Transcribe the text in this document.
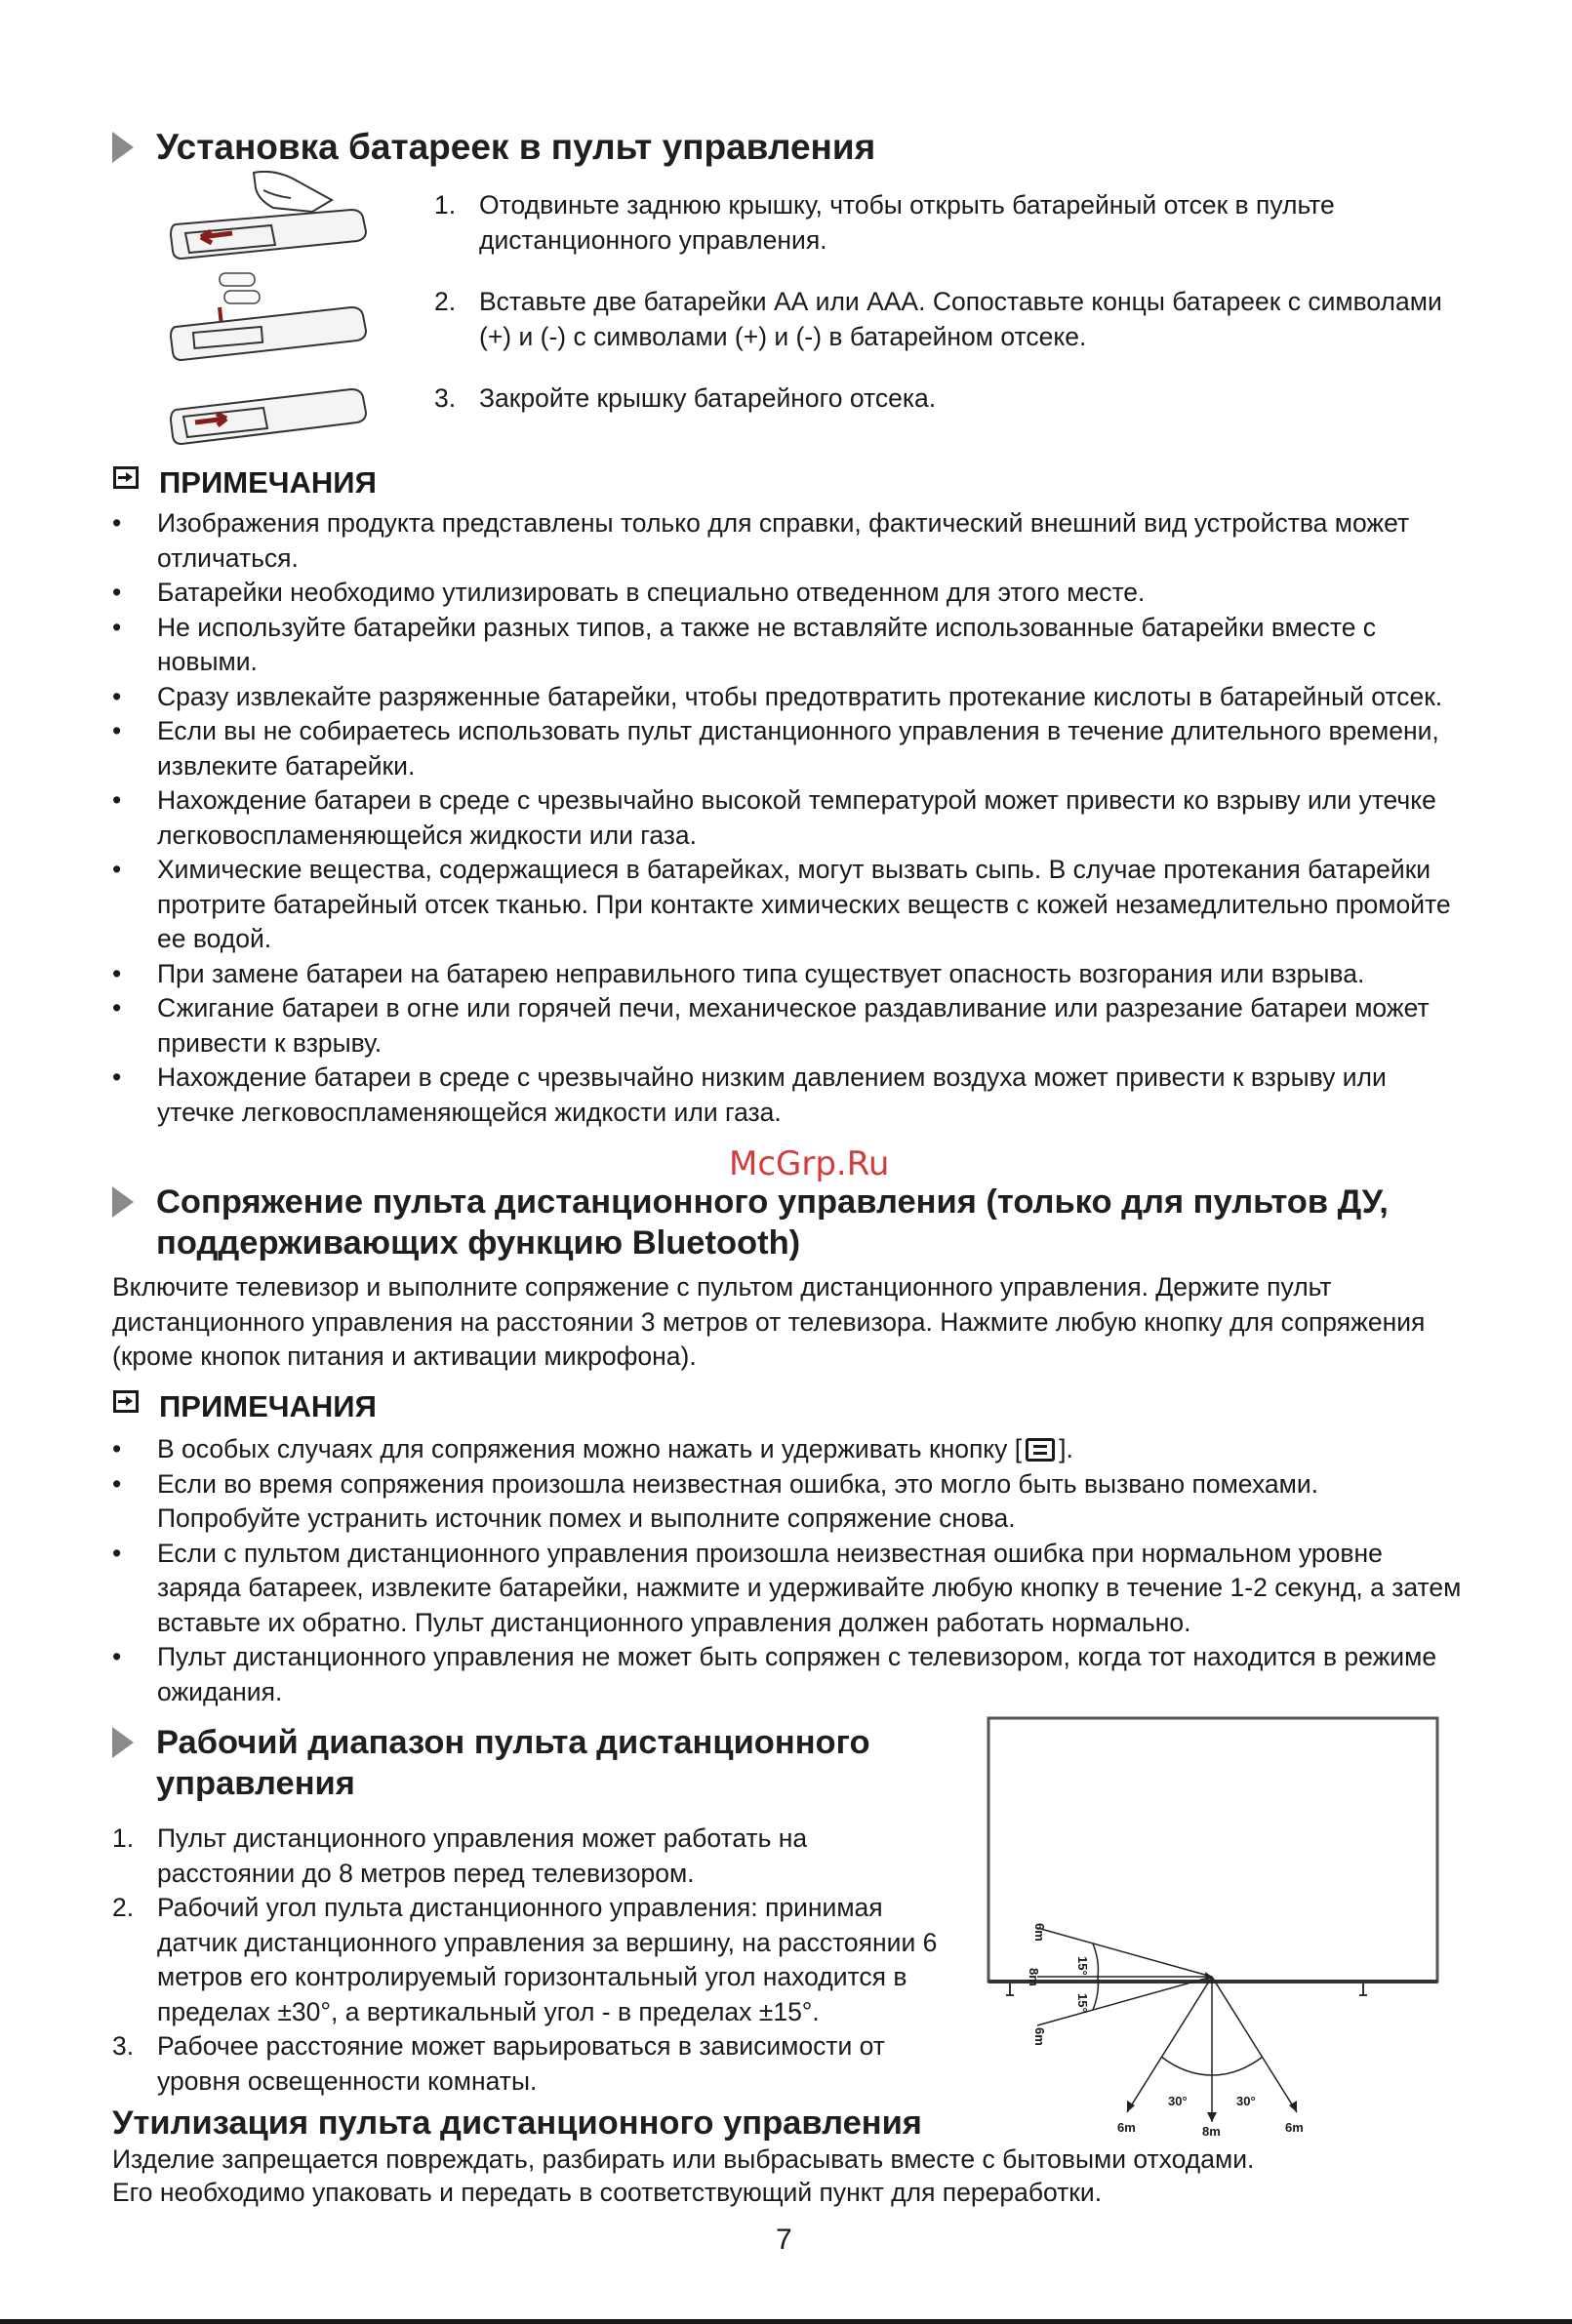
Установка батареек в пульт управления
1. Отодвиньте заднюю крышку, чтобы открыть батарейный отсек в пульте дистанционного управления.
2. Вставьте две батарейки АА или ААА. Сопоставьте концы батареек с символами (+) и (-) с символами (+) и (-) в батарейном отсеке.
3. Закройте крышку батарейного отсека.
ПРИМЕЧАНИЯ
• Изображения продукта представлены только для справки, фактический внешний вид устройства может отличаться.
• Батарейки необходимо утилизировать в специально отведенном для этого месте.
• Не используйте батарейки разных типов, а также не вставляйте использованные батарейки вместе с новыми.
• Сразу извлекайте разряженные батарейки, чтобы предотвратить протекание кислоты в батарейный отсек.
• Если вы не собираетесь использовать пульт дистанционного управления в течение длительного времени, извлеките батарейки.
• Нахождение батареи в среде с чрезвычайно высокой температурой может привести ко взрыву или утечке легковоспламеняющейся жидкости или газа.
• Химические вещества, содержащиеся в батарейках, могут вызвать сыпь. В случае протекания батарейки протрите батарейный отсек тканью. При контакте химических веществ с кожей незамедлительно промойте ее водой.
• При замене батареи на батарею неправильного типа существует опасность возгорания или взрыва.
• Сжигание батареи в огне или горячей печи, механическое раздавливание или разрезание батареи может привести к взрыву.
• Нахождение батареи в среде с чрезвычайно низким давлением воздуха может привести к взрыву или утечке легковоспламеняющейся жидкости или газа.
McGrp.Ru
Сопряжение пульта дистанционного управления (только для пультов ДУ,
поддерживающих функцию Bluetooth)
Включите телевизор и выполните сопряжение с пультом дистанционного управления. Держите пульт дистанционного управления на расстоянии 3 метров от телевизора. Нажмите любую кнопку для сопряжения (кроме кнопок питания и активации микрофона).
ПРИМЕЧАНИЯ
• В особых случаях для сопряжения можно нажать и удерживать кнопку [ ].
• Если во время сопряжения произошла неизвестная ошибка, это могло быть вызвано помехами. Попробуйте устранить источник помех и выполните сопряжение снова.
• Если с пультом дистанционного управления произошла неизвестная ошибка при нормальном уровне заряда батареек, извлеките батарейки, нажмите и удерживайте любую кнопку в течение 1-2 секунд, а затем вставьте их обратно. Пульт дистанционного управления должен работать нормально.
• Пульт дистанционного управления не может быть сопряжен с телевизором, когда тот находится в режиме ожидания.
Рабочий диапазон пульта дистанционного
управления
1. Пульт дистанционного управления может работать на расстоянии до 8 метров перед телевизором.
2. Рабочий угол пульта дистанционного управления: принимая датчик дистанционного управления за вершину, на расстоянии 6 метров его контролируемый горизонтальный угол находится в пределах ±30°, а вертикальный угол - в пределах ±15°.
3. Рабочее расстояние может варьироваться в зависимости от уровня освещенности комнаты.
6m
15°
8m
15°
6m
30°	30°
6m	8m	6m
Утилизация пульта дистанционного управления
Изделие запрещается повреждать, разбирать или выбрасывать вместе с бытовыми отходами.
Его необходимо упаковать и передать в соответствующий пункт для переработки.
7
